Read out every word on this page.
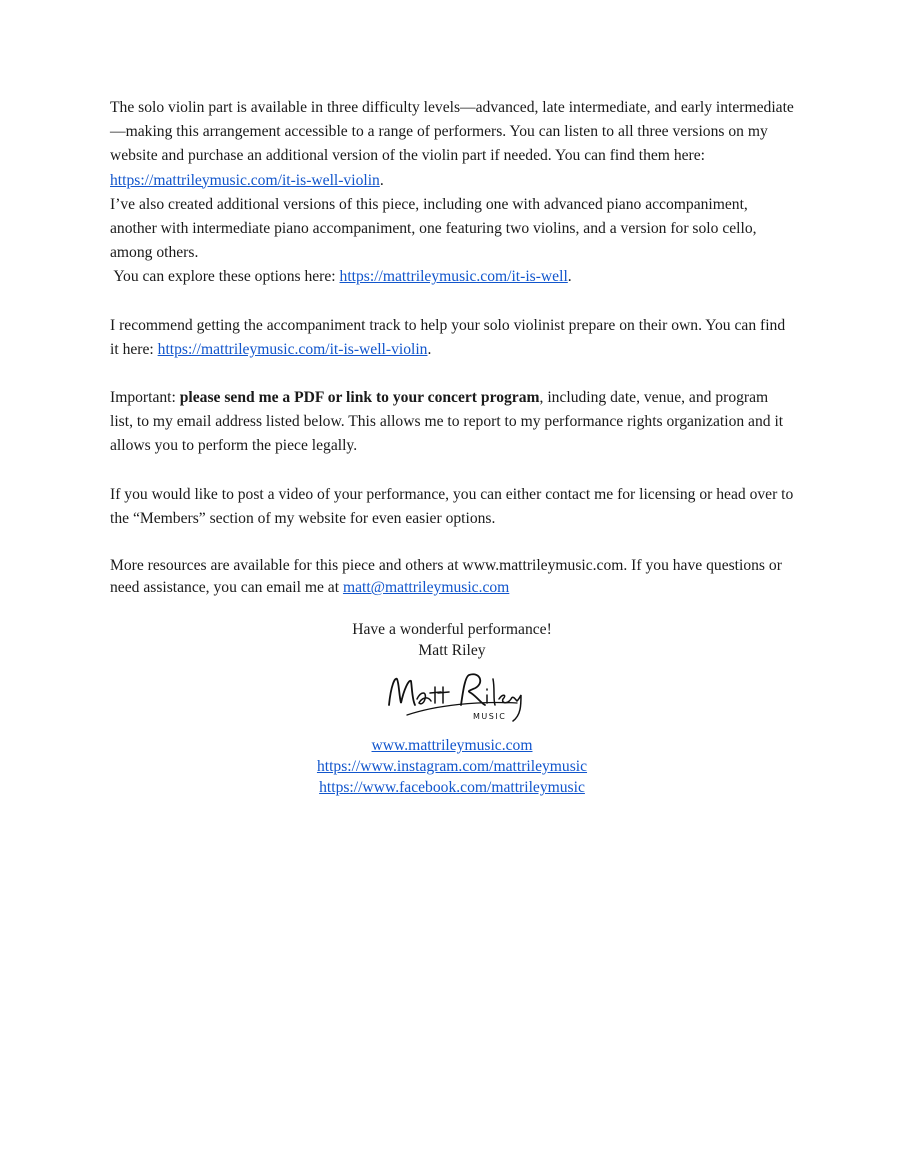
The solo violin part is available in three difficulty levels—advanced, late intermediate, and early intermediate—making this arrangement accessible to a range of performers. You can listen to all three versions on my website and purchase an additional version of the violin part if needed. You can find them here: https://mattrileymusic.com/it-is-well-violin.

I’ve also created additional versions of this piece, including one with advanced piano accompaniment, another with intermediate piano accompaniment, one featuring two violins, and a version for solo cello, among others.
You can explore these options here: https://mattrileymusic.com/it-is-well.

I recommend getting the accompaniment track to help your solo violinist prepare on their own. You can find it here: https://mattrileymusic.com/it-is-well-violin.

Important: please send me a PDF or link to your concert program, including date, venue, and program list, to my email address listed below. This allows me to report to my performance rights organization and it allows you to perform the piece legally.

If you would like to post a video of your performance, you can either contact me for licensing or head over to the “Members” section of my website for even easier options.

More resources are available for this piece and others at www.mattrileymusic.com. If you have questions or need assistance, you can email me at matt@mattrileymusic.com

Have a wonderful performance!
Matt Riley
MUSIC
www.mattrileymusic.com
https://www.instagram.com/mattrileymusic
https://www.facebook.com/mattrileymusic
